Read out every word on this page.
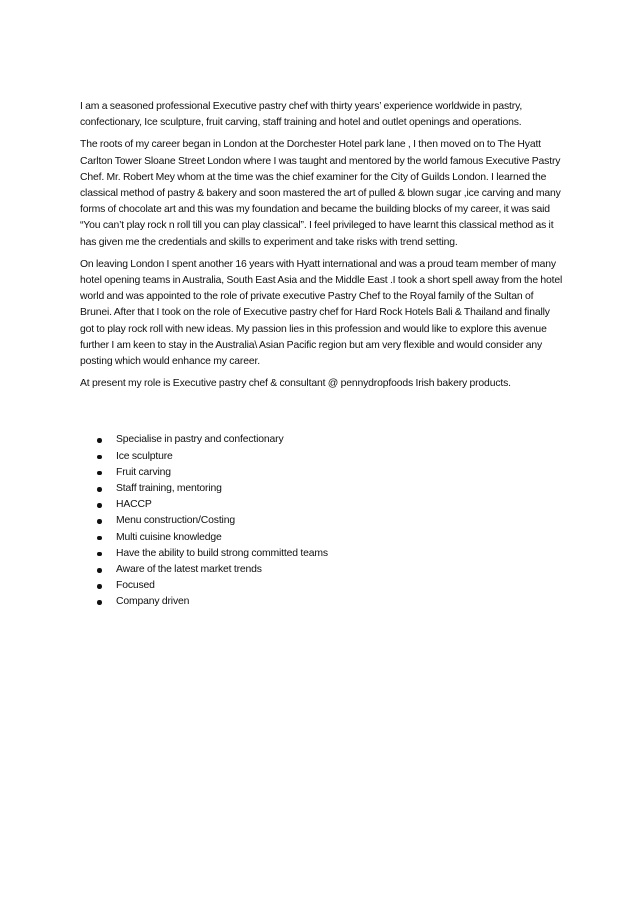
I am a seasoned professional Executive pastry chef with thirty years’ experience worldwide in pastry, confectionary, Ice sculpture, fruit carving, staff training and hotel and outlet openings and operations.

The roots of my career began in London at the Dorchester Hotel park lane , I then moved on to The Hyatt Carlton Tower Sloane Street London where I was taught and mentored by the world famous Executive Pastry Chef. Mr. Robert Mey whom at the time was the chief examiner for the City of Guilds London. I learned the classical method of pastry & bakery and soon mastered the art of pulled & blown sugar ,ice carving and many forms of chocolate art and this was my foundation and became the building blocks of my career, it was said “You can’t play rock n roll till you can play classical”. I feel privileged to have learnt this classical method as it has given me the credentials and skills to experiment and take risks with trend setting.

On leaving London I spent another 16 years with Hyatt international and was a proud team member of many hotel opening teams in Australia, South East Asia and the Middle East .I took a short spell away from the hotel world and was appointed to the role of private executive Pastry Chef to the Royal family of the Sultan of Brunei. After that I took on the role of Executive pastry chef for Hard Rock Hotels Bali & Thailand and finally got to play rock roll with new ideas. My passion lies in this profession and would like to explore this avenue further I am keen to stay in the Australia\ Asian Pacific region but am very flexible and would consider any posting which would enhance my career.

At present my role is Executive pastry chef & consultant @ pennydropfoods Irish bakery products.

Specialise in pastry and confectionary
Ice sculpture
Fruit carving
Staff training, mentoring
HACCP
Menu construction/Costing
Multi cuisine knowledge
Have the ability to build strong committed teams
Aware of the latest market trends
Focused
Company driven
